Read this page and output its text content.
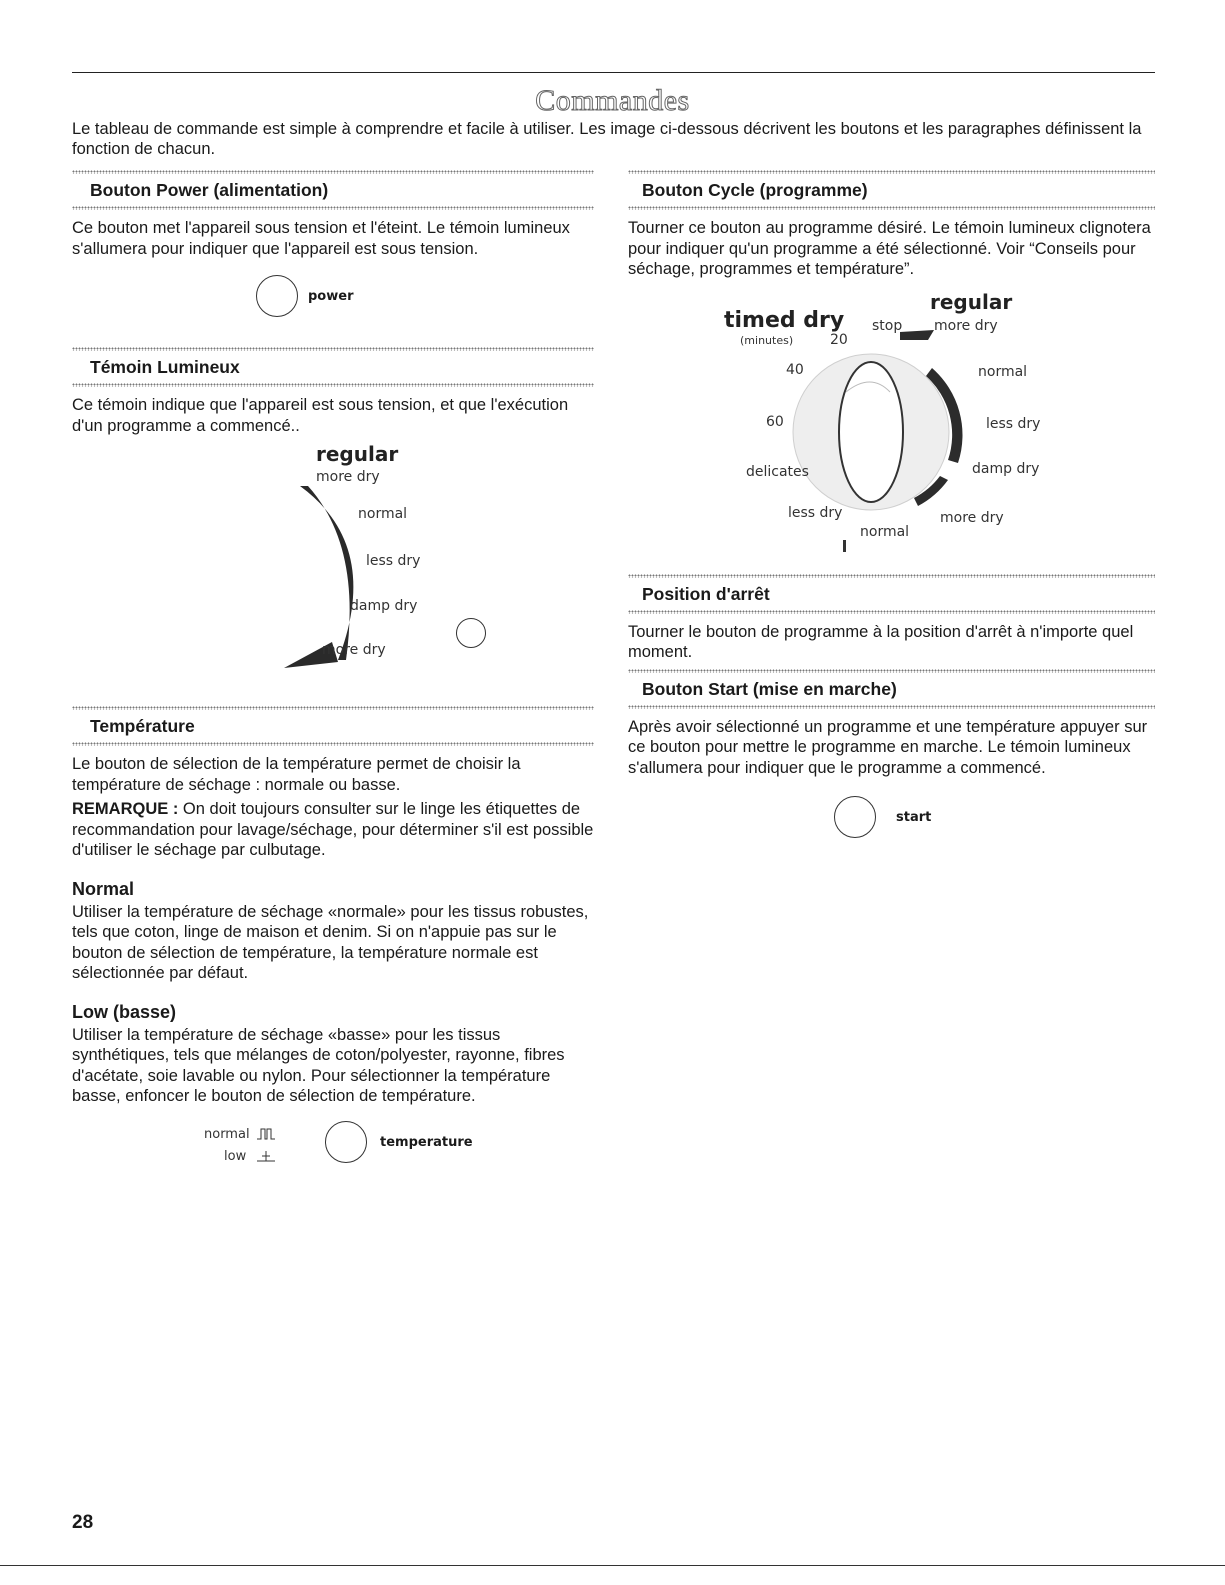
Commandes
Le tableau de commande est simple à comprendre et facile à utiliser. Les image ci-dessous décrivent les boutons et les paragraphes définissent la fonction de chacun.
Bouton Power (alimentation)

Ce bouton met l'appareil sous tension et l'éteint. Le témoin lumineux s'allumera pour indiquer que l'appareil est sous tension.

power
Témoin Lumineux

Ce témoin indique que l'appareil est sous tension, et que l'exécution d'un programme a commencé..

regular
more dry
normal
less dry
damp dry
more dry
Température

Le bouton de sélection de la température permet de choisir la température de séchage : normale ou basse.

REMARQUE : On doit toujours consulter sur le linge les étiquettes de recommandation pour lavage/séchage, pour déterminer s'il est possible d'utiliser le séchage par culbutage.

Normal

Utiliser la température de séchage «normale» pour les tissus robustes, tels que coton, linge de maison et denim. Si on n'appuie pas sur le bouton de sélection de température, la température normale est sélectionnée par défaut.

Low (basse)

Utiliser la température de séchage «basse» pour les tissus synthétiques, tels que mélanges de coton/polyester, rayonne, fibres d'acétate, soie lavable ou nylon. Pour sélectionner la température basse, enfoncer le bouton de sélection de température.

normal
low
temperature
Bouton Cycle (programme)

Tourner ce bouton au programme désiré. Le témoin lumineux clignotera pour indiquer qu'un programme a été sélectionné. Voir “Conseils pour séchage, programmes et température”.

timed dry
(minutes)	20
stop
regular
more dry
40	normal
60	less dry
delicates	damp dry
less dry	more dry
normal
Position d'arrêt

Tourner le bouton de programme à la position d'arrêt à n'importe quel moment.

Bouton Start (mise en marche)

Après avoir sélectionné un programme et une température appuyer sur ce bouton pour mettre le programme en marche. Le témoin lumineux s'allumera pour indiquer que le programme a commencé.

start
28
